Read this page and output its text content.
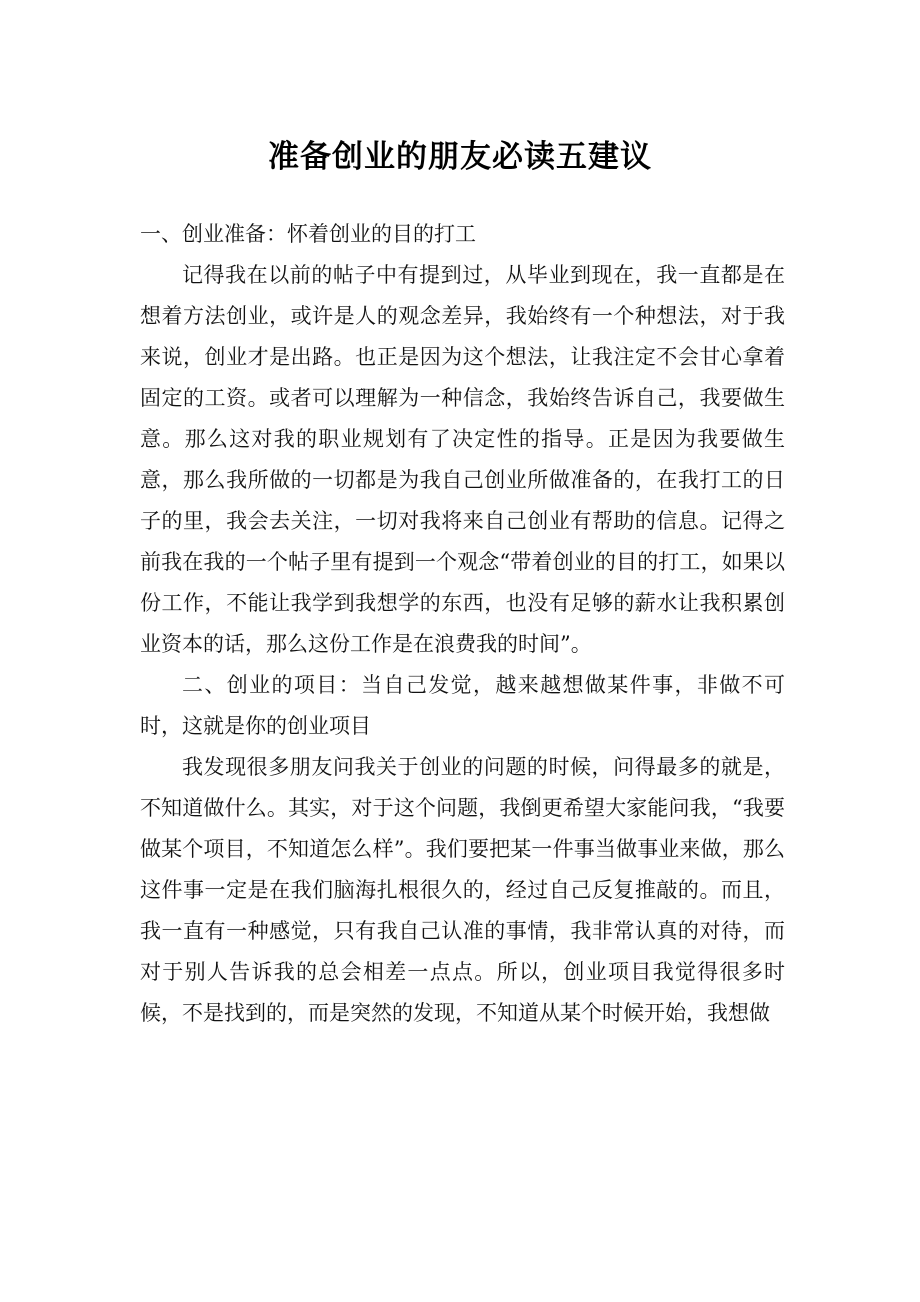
准备创业的朋友必读五建议

一、创业准备：怀着创业的目的打工

记得我在以前的帖子中有提到过，从毕业到现在，我一直都是在想着方法创业，或许是人的观念差异，我始终有一个种想法，对于我来说，创业才是出路。也正是因为这个想法，让我注定不会甘心拿着固定的工资。或者可以理解为一种信念，我始终告诉自己，我要做生意。那么这对我的职业规划有了决定性的指导。正是因为我要做生意，那么我所做的一切都是为我自己创业所做准备的，在我打工的日子的里，我会去关注，一切对我将来自己创业有帮助的信息。记得之前我在我的一个帖子里有提到一个观念“带着创业的目的打工，如果以份工作，不能让我学到我想学的东西，也没有足够的薪水让我积累创业资本的话，那么这份工作是在浪费我的时间”。

二、创业的项目：当自己发觉，越来越想做某件事，非做不可时，这就是你的创业项目

我发现很多朋友问我关于创业的问题的时候，问得最多的就是，不知道做什么。其实，对于这个问题，我倒更希望大家能问我，“我要做某个项目，不知道怎么样”。我们要把某一件事当做事业来做，那么这件事一定是在我们脑海扎根很久的，经过自己反复推敲的。而且，我一直有一种感觉，只有我自己认准的事情，我非常认真的对待，而对于别人告诉我的总会相差一点点。所以，创业项目我觉得很多时候，不是找到的，而是突然的发现，不知道从某个时候开始，我想做
